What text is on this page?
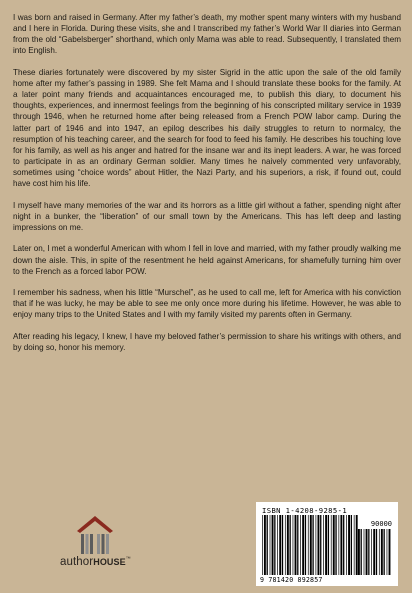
I was born and raised in Germany. After my father’s death, my mother spent many winters with my husband and I here in Florida. During these visits, she and I transcribed my father’s World War II diaries into German from the old “Gabelsberger” shorthand, which only Mama was able to read. Subsequently, I translated them into English.

These diaries fortunately were discovered by my sister Sigrid in the attic upon the sale of the old family home after my father’s passing in 1989. She felt Mama and I should translate these books for the family. At a later point many friends and acquaintances encouraged me, to publish this diary, to document his thoughts, experiences, and innermost feelings from the beginning of his conscripted military service in 1939 through 1946, when he returned home after being released from a French POW labor camp. During the latter part of 1946 and into 1947, an epilog describes his daily struggles to return to normalcy, the resumption of his teaching career, and the search for food to feed his family. He describes his touching love for his family, as well as his anger and hatred for the insane war and its inept leaders. A war, he was forced to participate in as an ordinary German soldier. Many times he naively commented very unfavorably, sometimes using “choice words” about Hitler, the Nazi Party, and his superiors, a risk, if found out, could have cost him his life.

I myself have many memories of the war and its horrors as a little girl without a father, spending night after night in a bunker, the “liberation” of our small town by the Americans. This has left deep and lasting impressions on me.

Later on, I met a wonderful American with whom I fell in love and married, with my father proudly walking me down the aisle. This, in spite of the resentment he held against Americans, for shamefully turning him over to the French as a forced labor POW.

I remember his sadness, when his little “Murschel”, as he used to call me, left for America with his conviction that if he was lucky, he may be able to see me only once more during his lifetime. However, he was able to enjoy many trips to the United States and I with my family visited my parents often in Germany.

After reading his legacy, I knew, I have my beloved father’s permission to share his writings with others, and by doing so, honor his memory.

authorHOUSE™
ISBN 1-4208-9285-1
90000
9 781420 892857
